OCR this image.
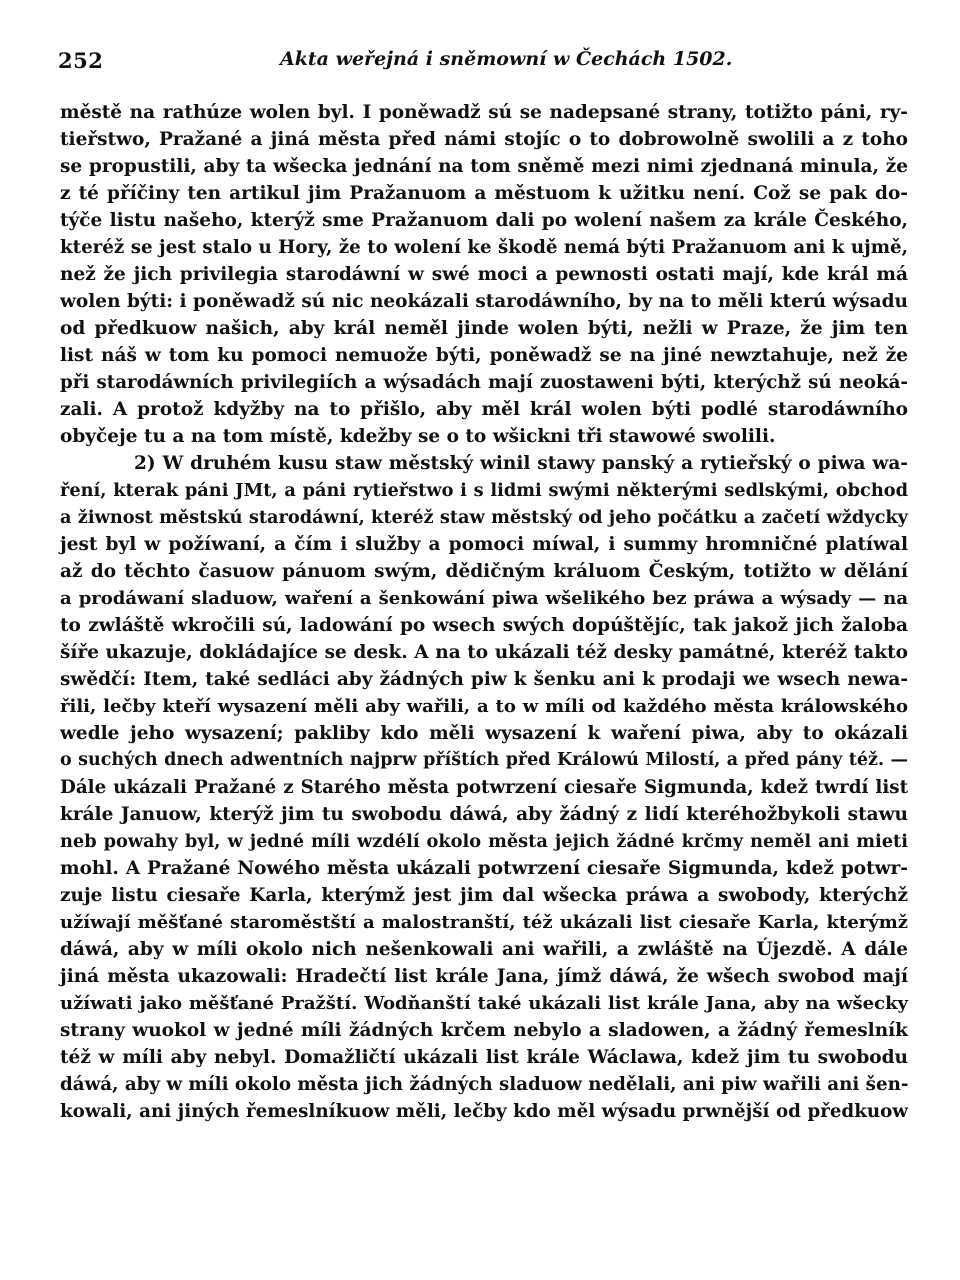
252	Akta weřejná i sněmowní w Čechách 1502.
městě na rathúze wolen byl. I poněwadž sú se nadepsané strany, totižto páni, ry-
tieřstwo, Pražané a jiná města před námi stojíc o to dobrowolně swolili a z toho
se propustili, aby ta wšecka jednání na tom sněmě mezi nimi zjednaná minula, že
z té příčiny ten artikul jim Pražanuom a městuom k užitku není. Což se pak do-
týče listu našeho, kterýž sme Pražanuom dali po wolení našem za krále Českého,
kteréž se jest stalo u Hory, že to wolení ke škodě nemá býti Pražanuom ani k ujmě,
než že jich privilegia starodáwní w swé moci a pewnosti ostati mají, kde král má
wolen býti: i poněwadž sú nic neokázali starodáwního, by na to měli kterú wýsadu
od předkuow našich, aby král neměl jinde wolen býti, nežli w Praze, že jim ten
list náš w tom ku pomoci nemuože býti, poněwadž se na jiné newztahuje, než že
při starodáwních privilegiích a wýsadách mají zuostaweni býti, kterýchž sú neoká-
zali. A protož kdyžby na to přišlo, aby měl král wolen býti podlé starodáwního
obyčeje tu a na tom místě, kdežby se o to wšickni tři stawowé swolili.
2) W druhém kusu staw městský winil stawy panský a rytieřský o piwa wa-
ření, kterak páni JMt, a páni rytieřstwo i s lidmi swými některými sedlskými, obchod
a žiwnost městskú starodáwní, kteréž staw městský od jeho počátku a začetí wždycky
jest byl w požíwaní, a čím i služby a pomoci míwal, i summy hromničné platíwal
až do těchto časuow pánuom swým, dědičným králuom Českým, totižto w dělání
a prodáwaní sladuow, waření a šenkowání piwa wšelikého bez práwa a wýsady — na
to zwláště wkročili sú, ladowání po wsech swých dopúštějíc, tak jakož jich žaloba
šíře ukazuje, dokládajíce se desk. A na to ukázali též desky památné, kteréž takto
swědčí: Item, také sedláci aby žádných piw k šenku ani k prodaji we wsech newa-
řili, lečby kteří wysazení měli aby wařili, a to w míli od každého města králowského
wedle jeho wysazení; pakliby kdo měli wysazení k waření piwa, aby to okázali
o suchých dnech adwentních najprw příštích před Králowú Milostí, a před pány též. —
Dále ukázali Pražané z Starého města potwrzení ciesaře Sigmunda, kdež twrdí list
krále Januow, kterýž jim tu swobodu dáwá, aby žádný z lidí kteréhožbykoli stawu
neb powahy byl, w jedné míli wzdélí okolo města jejich žádné krčmy neměl ani mieti
mohl. A Pražané Nowého města ukázali potwrzení ciesaře Sigmunda, kdež potwr-
zuje listu ciesaře Karla, kterýmž jest jim dal wšecka práwa a swobody, kterýchž
užíwají měšťané staroměstští a malostranští, též ukázali list ciesaře Karla, kterýmž
dáwá, aby w míli okolo nich nešenkowali ani wařili, a zwláště na Újezdě. A dále
jiná města ukazowali: Hradečtí list krále Jana, jímž dáwá, že wšech swobod mají
užíwati jako měšťané Pražští. Wodňanští také ukázali list krále Jana, aby na wšecky
strany wuokol w jedné míli žádných krčem nebylo a sladowen, a žádný řemeslník
též w míli aby nebyl. Domažličtí ukázali list krále Wáclawa, kdež jim tu swobodu
dáwá, aby w míli okolo města jich žádných sladuow nedělali, ani piw wařili ani šen-
kowali, ani jiných řemeslníkuow měli, lečby kdo měl wýsadu prwnější od předkuow
